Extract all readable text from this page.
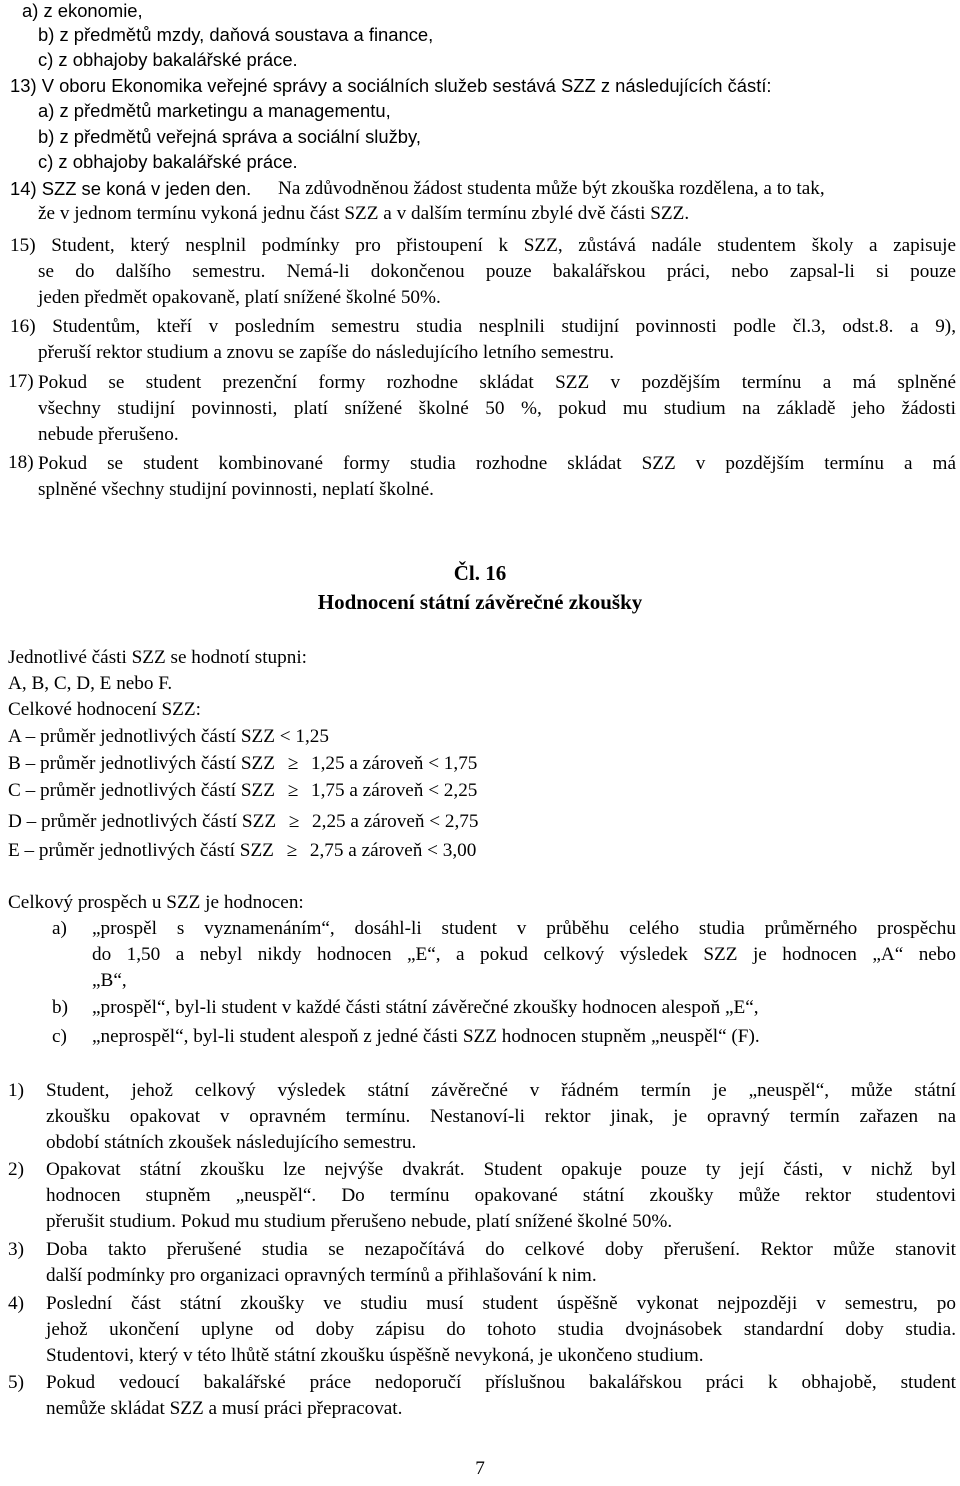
a) z ekonomie,
b) z předmětů mzdy, daňová soustava a finance,
c) z obhajoby bakalářské práce.
13) V oboru Ekonomika veřejné správy a sociálních služeb sestává SZZ z následujících částí:
a) z předmětů marketingu a managementu,
b) z předmětů veřejná správa a sociální služby,
c) z obhajoby bakalářské práce.
14) SZZ se koná v jeden den. Na zdůvodněnou žádost studenta může být zkouška rozdělena, a to tak,
že v jednom termínu vykoná jednu část SZZ a v dalším termínu zbylé dvě části SZZ.
15) Student, který nesplnil podmínky pro přistoupení k SZZ, zůstává nadále studentem školy a zapisuje
se do dalšího semestru. Nemá-li dokončenou pouze bakalářskou práci, nebo zapsal-li si pouze
jeden předmět opakovaně, platí snížené školné 50%.
16) Studentům, kteří v posledním semestru studia nesplnili studijní povinnosti podle čl.3, odst.8. a 9),
přeruší rektor studium a znovu se zapíše do následujícího letního semestru.
17) Pokud se student prezenční formy rozhodne skládat SZZ v pozdějším termínu a má splněné
všechny studijní povinnosti, platí snížené školné 50 %, pokud mu studium na základě jeho žádosti
nebude přerušeno.
18) Pokud se student kombinované formy studia rozhodne skládat SZZ v pozdějším termínu a má
splněné všechny studijní povinnosti, neplatí školné.
Čl. 16
Hodnocení státní závěrečné zkoušky
Jednotlivé části SZZ se hodnotí stupni:
A, B, C, D, E nebo F.
Celkové hodnocení SZZ:
A – průměr jednotlivých částí SZZ < 1,25
B – průměr jednotlivých částí SZZ ≥ 1,25 a zároveň < 1,75
C – průměr jednotlivých částí SZZ ≥ 1,75 a zároveň < 2,25
D – průměr jednotlivých částí SZZ ≥ 2,25 a zároveň < 2,75
E – průměr jednotlivých částí SZZ ≥ 2,75 a zároveň < 3,00
Celkový prospěch u SZZ je hodnocen:
a) „prospěl s vyznamenáním“, dosáhl-li student v průběhu celého studia průměrného prospěchu
do 1,50 a nebyl nikdy hodnocen „E“, a pokud celkový výsledek SZZ je hodnocen „A“ nebo
„B“,
b) „prospěl“, byl-li student v každé části státní závěrečné zkoušky hodnocen alespoň „E“,
c) „neprospěl“, byl-li student alespoň z jedné části SZZ hodnocen stupněm „neuspěl“ (F).
1) Student, jehož celkový výsledek státní závěrečné v řádném termín je „neuspěl“, může státní
zkoušku opakovat v opravném termínu. Nestanoví-li rektor jinak, je opravný termín zařazen na
období státních zkoušek následujícího semestru.
2) Opakovat státní zkoušku lze nejvýše dvakrát. Student opakuje pouze ty její části, v nichž byl
hodnocen stupněm „neuspěl“. Do termínu opakované státní zkoušky může rektor studentovi
přerušit studium. Pokud mu studium přerušeno nebude, platí snížené školné 50%.
3) Doba takto přerušené studia se nezapočítává do celkové doby přerušení. Rektor může stanovit
další podmínky pro organizaci opravných termínů a přihlašování k nim.
4) Poslední část státní zkoušky ve studiu musí student úspěšně vykonat nejpozději v semestru, po
jehož ukončení uplyne od doby zápisu do tohoto studia dvojnásobek standardní doby studia.
Studentovi, který v této lhůtě státní zkoušku úspěšně nevykoná, je ukončeno studium.
5) Pokud vedoucí bakalářské práce nedoporučí příslušnou bakalářskou práci k obhajobě, student
nemůže skládat SZZ a musí práci přepracovat.
7
